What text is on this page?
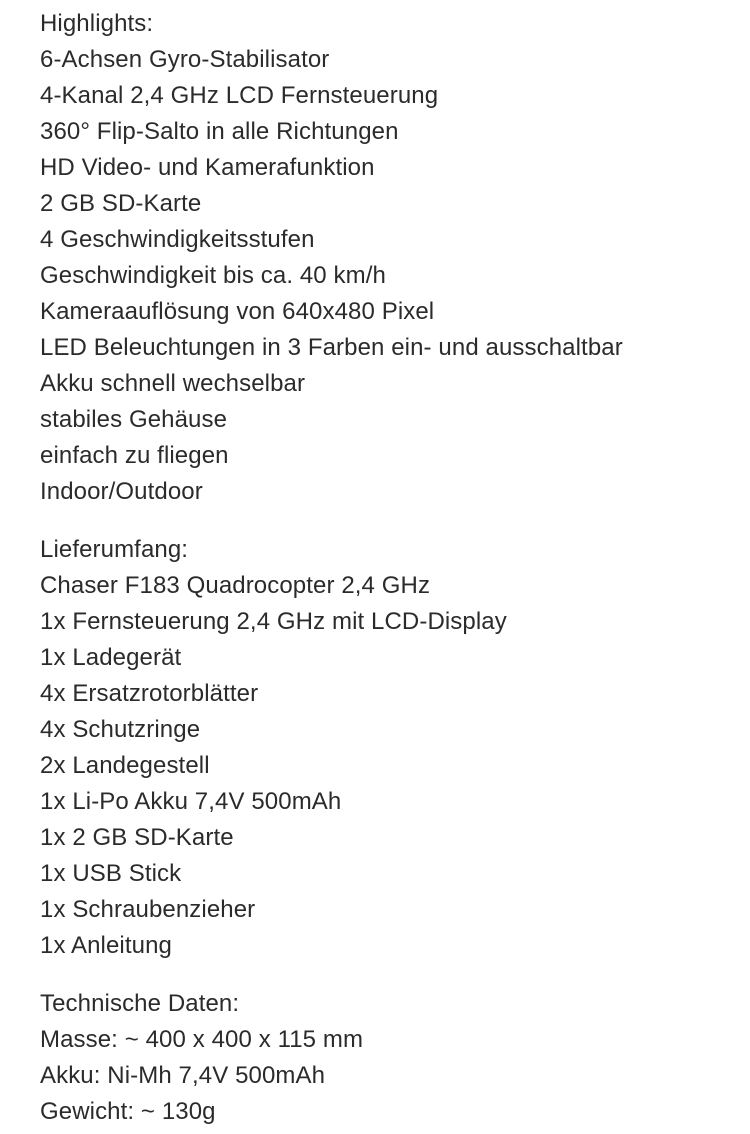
Highlights:
6-Achsen Gyro-Stabilisator
4-Kanal 2,4 GHz LCD Fernsteuerung
360° Flip-Salto in alle Richtungen
HD Video- und Kamerafunktion
2 GB SD-Karte
4 Geschwindigkeitsstufen
Geschwindigkeit bis ca. 40 km/h
Kameraauflösung von 640x480 Pixel
LED Beleuchtungen in 3 Farben ein- und ausschaltbar
Akku schnell wechselbar
stabiles Gehäuse
einfach zu fliegen
Indoor/Outdoor
Lieferumfang:
Chaser F183 Quadrocopter 2,4 GHz
1x Fernsteuerung 2,4 GHz mit LCD-Display
1x Ladegerät
4x Ersatzrotorblätter
4x Schutzringe
2x Landegestell
1x Li-Po Akku 7,4V 500mAh
1x 2 GB SD-Karte
1x USB Stick
1x Schraubenzieher
1x Anleitung
Technische Daten:
Masse: ~ 400 x 400 x 115 mm
Akku: Ni-Mh 7,4V 500mAh
Gewicht: ~ 130g
